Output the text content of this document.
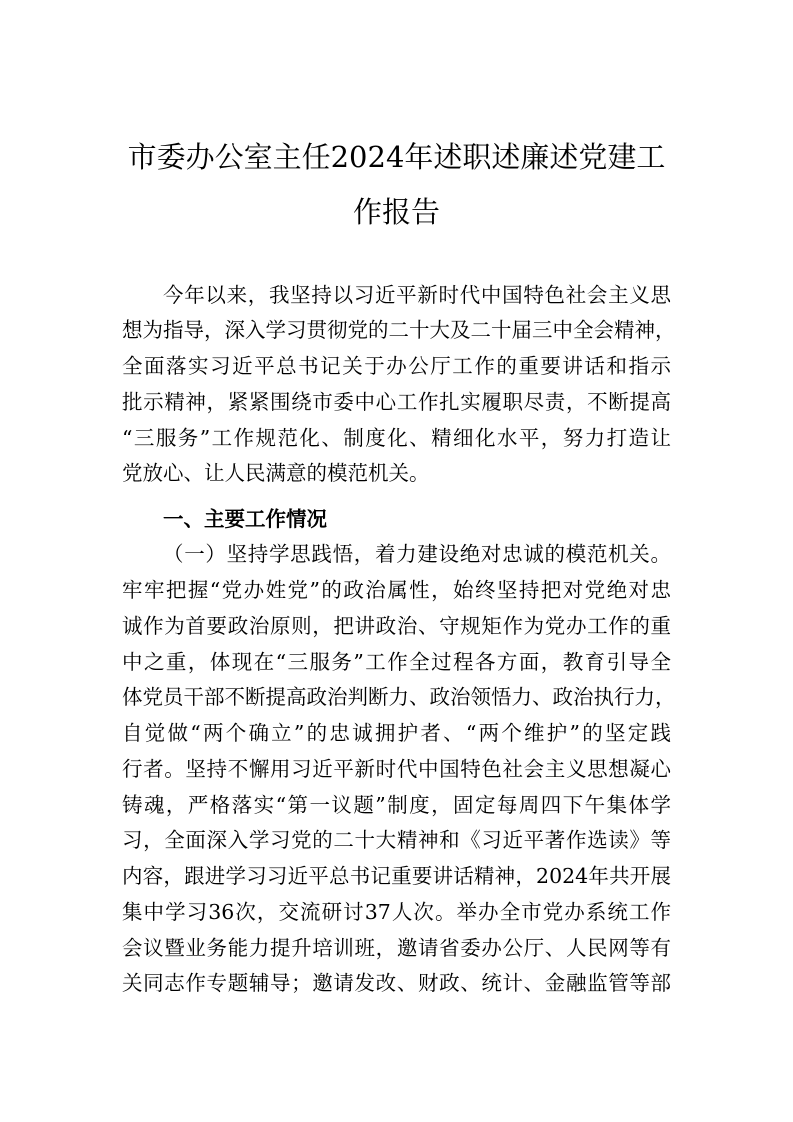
市委办公室主任2024年述职述廉述党建工
作报告
今年以来，我坚持以习近平新时代中国特色社会主义思
想为指导，深入学习贯彻党的二十大及二十届三中全会精神，
全面落实习近平总书记关于办公厅工作的重要讲话和指示
批示精神，紧紧围绕市委中心工作扎实履职尽责，不断提高
“三服务”工作规范化、制度化、精细化水平，努力打造让
党放心、让人民满意的模范机关。
一、主要工作情况
（一）坚持学思践悟，着力建设绝对忠诚的模范机关。
牢牢把握“党办姓党”的政治属性，始终坚持把对党绝对忠
诚作为首要政治原则，把讲政治、守规矩作为党办工作的重
中之重，体现在“三服务”工作全过程各方面，教育引导全
体党员干部不断提高政治判断力、政治领悟力、政治执行力，
自觉做“两个确立”的忠诚拥护者、“两个维护”的坚定践
行者。坚持不懈用习近平新时代中国特色社会主义思想凝心
铸魂，严格落实“第一议题”制度，固定每周四下午集体学
习，全面深入学习党的二十大精神和《习近平著作选读》等
内容，跟进学习习近平总书记重要讲话精神，2024年共开展
集中学习36次，交流研讨37人次。举办全市党办系统工作
会议暨业务能力提升培训班，邀请省委办公厅、人民网等有
关同志作专题辅导；邀请发改、财政、统计、金融监管等部
